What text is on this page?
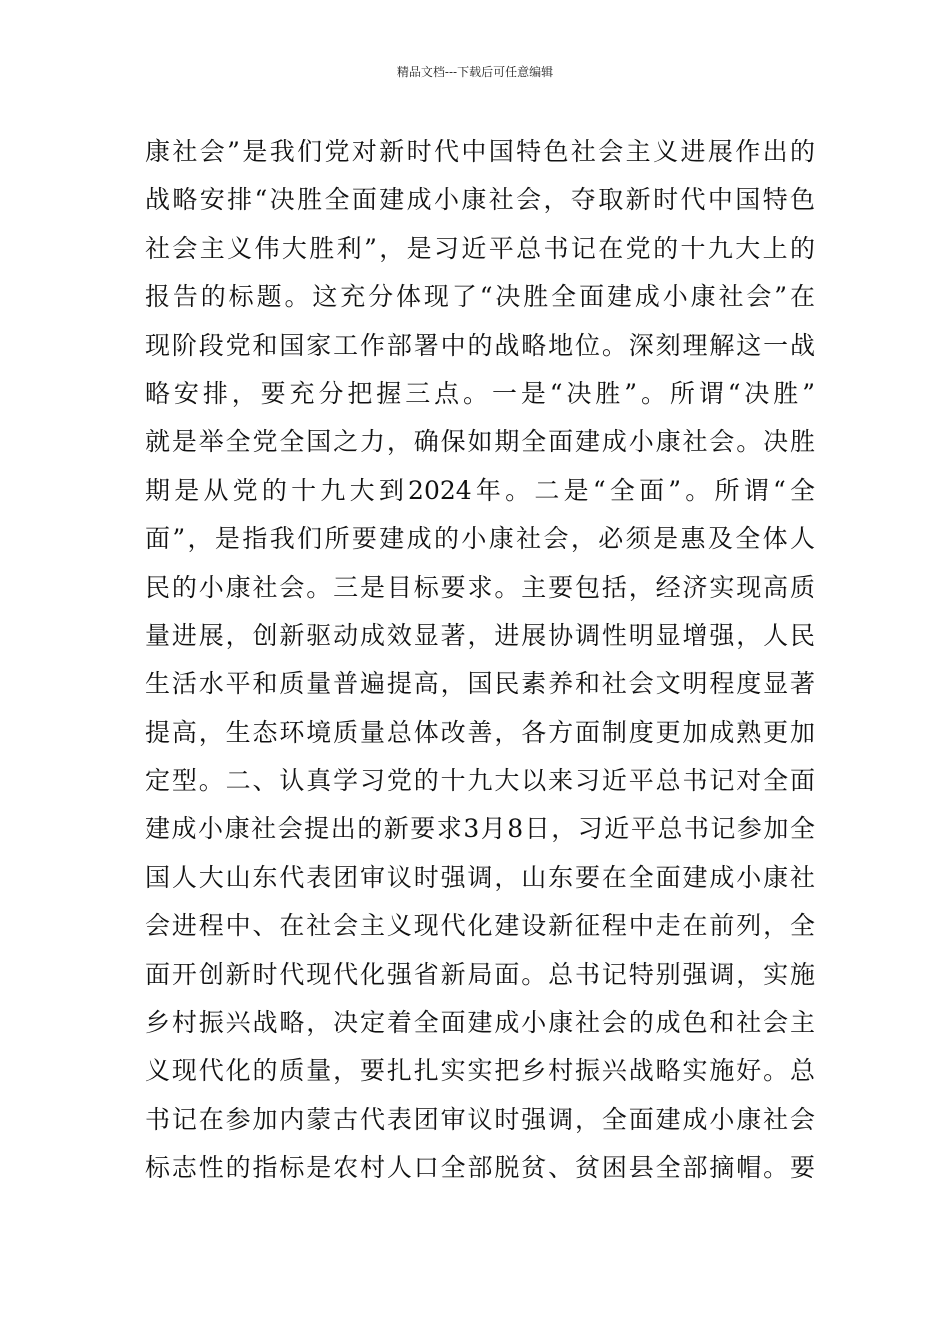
精品文档---下载后可任意编辑
康社会”是我们党对新时代中国特色社会主义进展作出的
战略安排“决胜全面建成小康社会，夺取新时代中国特色
社会主义伟大胜利”，是习近平总书记在党的十九大上的
报告的标题。这充分体现了“决胜全面建成小康社会”在
现阶段党和国家工作部署中的战略地位。深刻理解这一战
略安排，要充分把握三点。一是“决胜”。所谓“决胜”
就是举全党全国之力，确保如期全面建成小康社会。决胜
期是从党的十九大到2024年。二是“全面”。所谓“全
面”，是指我们所要建成的小康社会，必须是惠及全体人
民的小康社会。三是目标要求。主要包括，经济实现高质
量进展，创新驱动成效显著，进展协调性明显增强，人民
生活水平和质量普遍提高，国民素养和社会文明程度显著
提高，生态环境质量总体改善，各方面制度更加成熟更加
定型。二、认真学习党的十九大以来习近平总书记对全面
建成小康社会提出的新要求3月8日，习近平总书记参加全
国人大山东代表团审议时强调，山东要在全面建成小康社
会进程中、在社会主义现代化建设新征程中走在前列，全
面开创新时代现代化强省新局面。总书记特别强调，实施
乡村振兴战略，决定着全面建成小康社会的成色和社会主
义现代化的质量，要扎扎实实把乡村振兴战略实施好。总
书记在参加内蒙古代表团审议时强调，全面建成小康社会
标志性的指标是农村人口全部脱贫、贫困县全部摘帽。要
